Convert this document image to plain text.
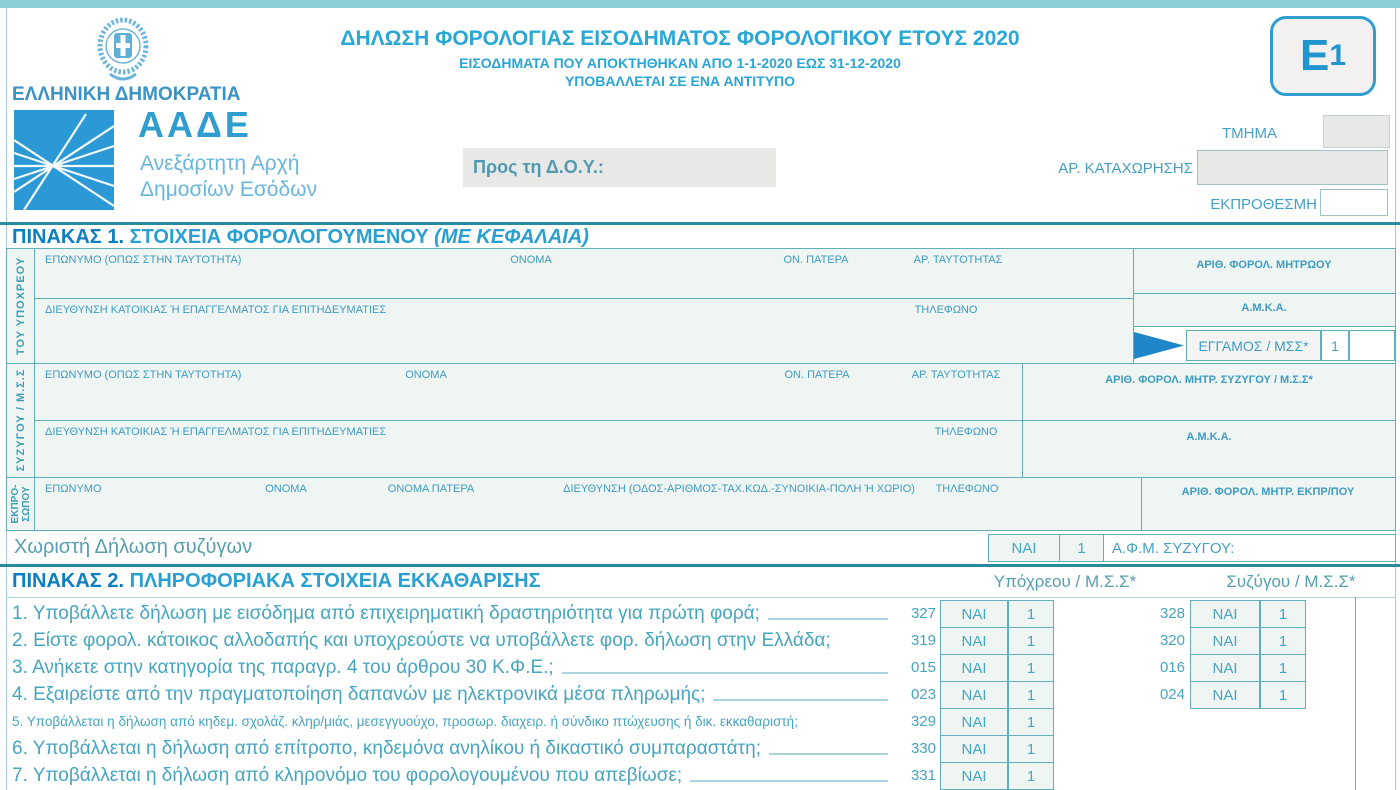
ΕΛΛΗΝΙΚΗ ΔΗΜΟΚΡΑΤΙΑ
ΑΑΔΕ
Ανεξάρτητη Αρχή
Δημοσίων Εσόδων
ΔΗΛΩΣΗ ΦΟΡΟΛΟΓΙΑΣ ΕΙΣΟΔΗΜΑΤΟΣ ΦΟΡΟΛΟΓΙΚΟΥ ΕΤΟΥΣ 2020
ΕΙΣΟΔΗΜΑΤΑ ΠΟΥ ΑΠΟΚΤΗΘΗΚΑΝ ΑΠΟ 1-1-2020 ΕΩΣ 31-12-2020
ΥΠΟΒΑΛΛΕΤΑΙ ΣΕ ΕΝΑ ΑΝΤΙΤΥΠΟ
Ε 1
Προς τη Δ.Ο.Υ.:
ΤΜΗΜΑ
ΑΡ. ΚΑΤΑΧΩΡΗΣΗΣ
ΕΚΠΡΟΘΕΣΜΗ
ΠΙΝΑΚΑΣ 1. ΣΤΟΙΧΕΙΑ ΦΟΡΟΛΟΓΟΥΜΕΝΟΥ (ΜΕ ΚΕΦΑΛΑΙΑ)
ΤΟΥ ΥΠΟΧΡΕΟΥ
ΣΥΖΥΓΟΥ / Μ.Σ.Σ
ΕΚΠΡΟ-
ΣΩΠΟΥ
ΕΠΩΝΥΜΟ (ΟΠΩΣ ΣΤΗΝ ΤΑΥΤΟΤΗΤΑ)	ΟΝΟΜΑ	ΟΝ. ΠΑΤΕΡΑ	ΑΡ. ΤΑΥΤΟΤΗΤΑΣ	ΑΡΙΘ. ΦΟΡΟΛ. ΜΗΤΡΩΟΥ
Α.Μ.Κ.Α.
ΔΙΕΥΘΥΝΣΗ ΚΑΤΟΙΚΙΑΣ Ή ΕΠΑΓΓΕΛΜΑΤΟΣ ΓΙΑ ΕΠΙΤΗΔΕΥΜΑΤΙΕΣ	ΤΗΛΕΦΩΝΟ
ΕΓΓΑΜΟΣ / ΜΣΣ*	1
ΕΠΩΝΥΜΟ (ΟΠΩΣ ΣΤΗΝ ΤΑΥΤΟΤΗΤΑ)	ΟΝΟΜΑ	ΟΝ. ΠΑΤΕΡΑ	ΑΡ. ΤΑΥΤΟΤΗΤΑΣ	ΑΡΙΘ. ΦΟΡΟΛ. ΜΗΤΡ. ΣΥΖΥΓΟΥ / Μ.Σ.Σ*
ΔΙΕΥΘΥΝΣΗ ΚΑΤΟΙΚΙΑΣ Ή ΕΠΑΓΓΕΛΜΑΤΟΣ ΓΙΑ ΕΠΙΤΗΔΕΥΜΑΤΙΕΣ	ΤΗΛΕΦΩΝΟ	Α.Μ.Κ.Α.
ΕΠΩΝΥΜΟ	ΟΝΟΜΑ	ΟΝΟΜΑ ΠΑΤΕΡΑ	ΔΙΕΥΘΥΝΣΗ (ΟΔΟΣ-ΑΡΙΘΜΟΣ-ΤΑΧ.ΚΩΔ.-ΣΥΝΟΙΚΙΑ-ΠΟΛΗ Ή ΧΩΡΙΟ) ΤΗΛΕΦΩΝΟ	ΑΡΙΘ. ΦΟΡΟΛ. ΜΗΤΡ. ΕΚΠΡ/ΠΟΥ
Χωριστή Δήλωση συζύγων	ΝΑΙ	1	Α.Φ.Μ. ΣΥΖΥΓΟΥ:
ΠΙΝΑΚΑΣ 2. ΠΛΗΡΟΦΟΡΙΑΚΑ ΣΤΟΙΧΕΙΑ ΕΚΚΑΘΑΡΙΣΗΣ	Υπόχρεου / Μ.Σ.Σ*	Συζύγου / Μ.Σ.Σ*
1. Υποβάλλετε δήλωση με εισόδημα από επιχειρηματική δραστηριότητα για πρώτη φορά;	327	ΝΑΙ	1	328	ΝΑΙ	1
2. Είστε φορολ. κάτοικος αλλοδαπής και υποχρεούστε να υποβάλλετε φορ. δήλωση στην Ελλάδα;	319	ΝΑΙ	1	320	ΝΑΙ	1
3. Ανήκετε στην κατηγορία της παραγρ. 4 του άρθρου 30 Κ.Φ.Ε.;	015	ΝΑΙ	1	016	ΝΑΙ	1
4. Εξαιρείστε από την πραγματοποίηση δαπανών με ηλεκτρονικά μέσα πληρωμής;	023	ΝΑΙ	1	024	ΝΑΙ	1
5. Υποβάλλεται η δήλωση από κηδεμ. σχολάζ. κληρ/μιάς, μεσεγγυούχο, προσωρ. διαχειρ. ή σύνδικο πτώχευσης ή δικ. εκκαθαριστή;	329	ΝΑΙ	1
6. Υποβάλλεται η δήλωση από επίτροπο, κηδεμόνα ανηλίκου ή δικαστικό συμπαραστάτη;	330	ΝΑΙ	1
7. Υποβάλλεται η δήλωση από κληρονόμο του φορολογουμένου που απεβίωσε;	331	ΝΑΙ	1
